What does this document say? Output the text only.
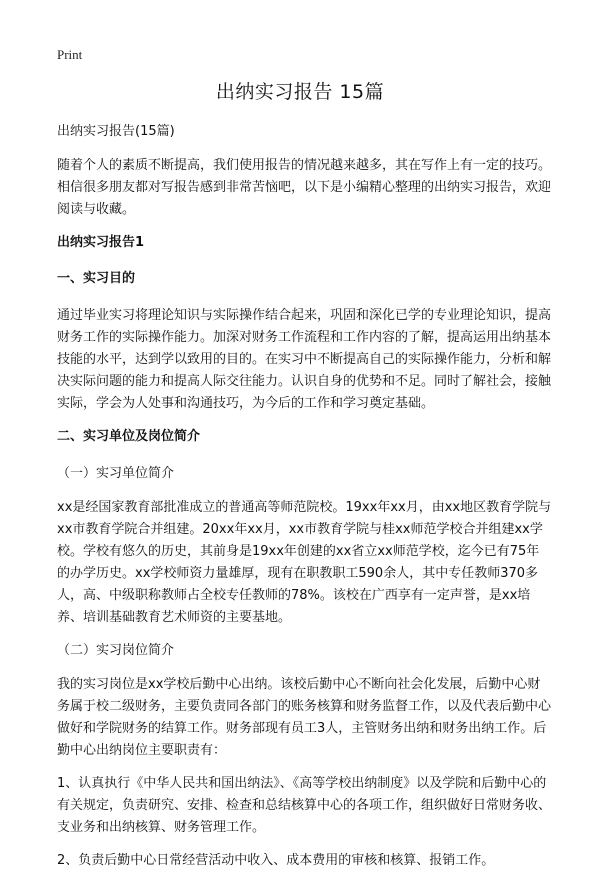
Print
出纳实习报告 15篇

出纳实习报告(15篇)

随着个人的素质不断提高，我们使用报告的情况越来越多，其在写作上有一定的技巧。相信很多朋友都对写报告感到非常苦恼吧，以下是小编精心整理的出纳实习报告，欢迎阅读与收藏。

出纳实习报告1

一、实习目的

通过毕业实习将理论知识与实际操作结合起来，巩固和深化已学的专业理论知识，提高财务工作的实际操作能力。加深对财务工作流程和工作内容的了解，提高运用出纳基本技能的水平，达到学以致用的目的。在实习中不断提高自己的实际操作能力，分析和解决实际问题的能力和提高人际交往能力。认识自身的优势和不足。同时了解社会，接触实际，学会为人处事和沟通技巧，为今后的工作和学习奠定基础。

二、实习单位及岗位简介

（一）实习单位简介

xx是经国家教育部批准成立的普通高等师范院校。19xx年xx月，由xx地区教育学院与xx市教育学院合并组建。20xx年xx月，xx市教育学院与桂xx师范学校合并组建xx学校。学校有悠久的历史，其前身是19xx年创建的xx省立xx师范学校，迄今已有75年的办学历史。xx学校师资力量雄厚，现有在职教职工590余人，其中专任教师370多人，高、中级职称教师占全校专任教师的78%。该校在广西享有一定声誉，是xx培养、培训基础教育艺术师资的主要基地。

（二）实习岗位简介

我的实习岗位是xx学校后勤中心出纳。该校后勤中心不断向社会化发展，后勤中心财务属于校二级财务，主要负责同各部门的账务核算和财务监督工作，以及代表后勤中心做好和学院财务的结算工作。财务部现有员工3人，主管财务出纳和财务出纳工作。后勤中心出纳岗位主要职责有：

1、认真执行《中华人民共和国出纳法》、《高等学校出纳制度》以及学院和后勤中心的有关规定，负责研究、安排、检查和总结核算中心的各项工作，组织做好日常财务收、支业务和出纳核算、财务管理工作。

2、负责后勤中心日常经营活动中收入、成本费用的审核和核算、报销工作。
